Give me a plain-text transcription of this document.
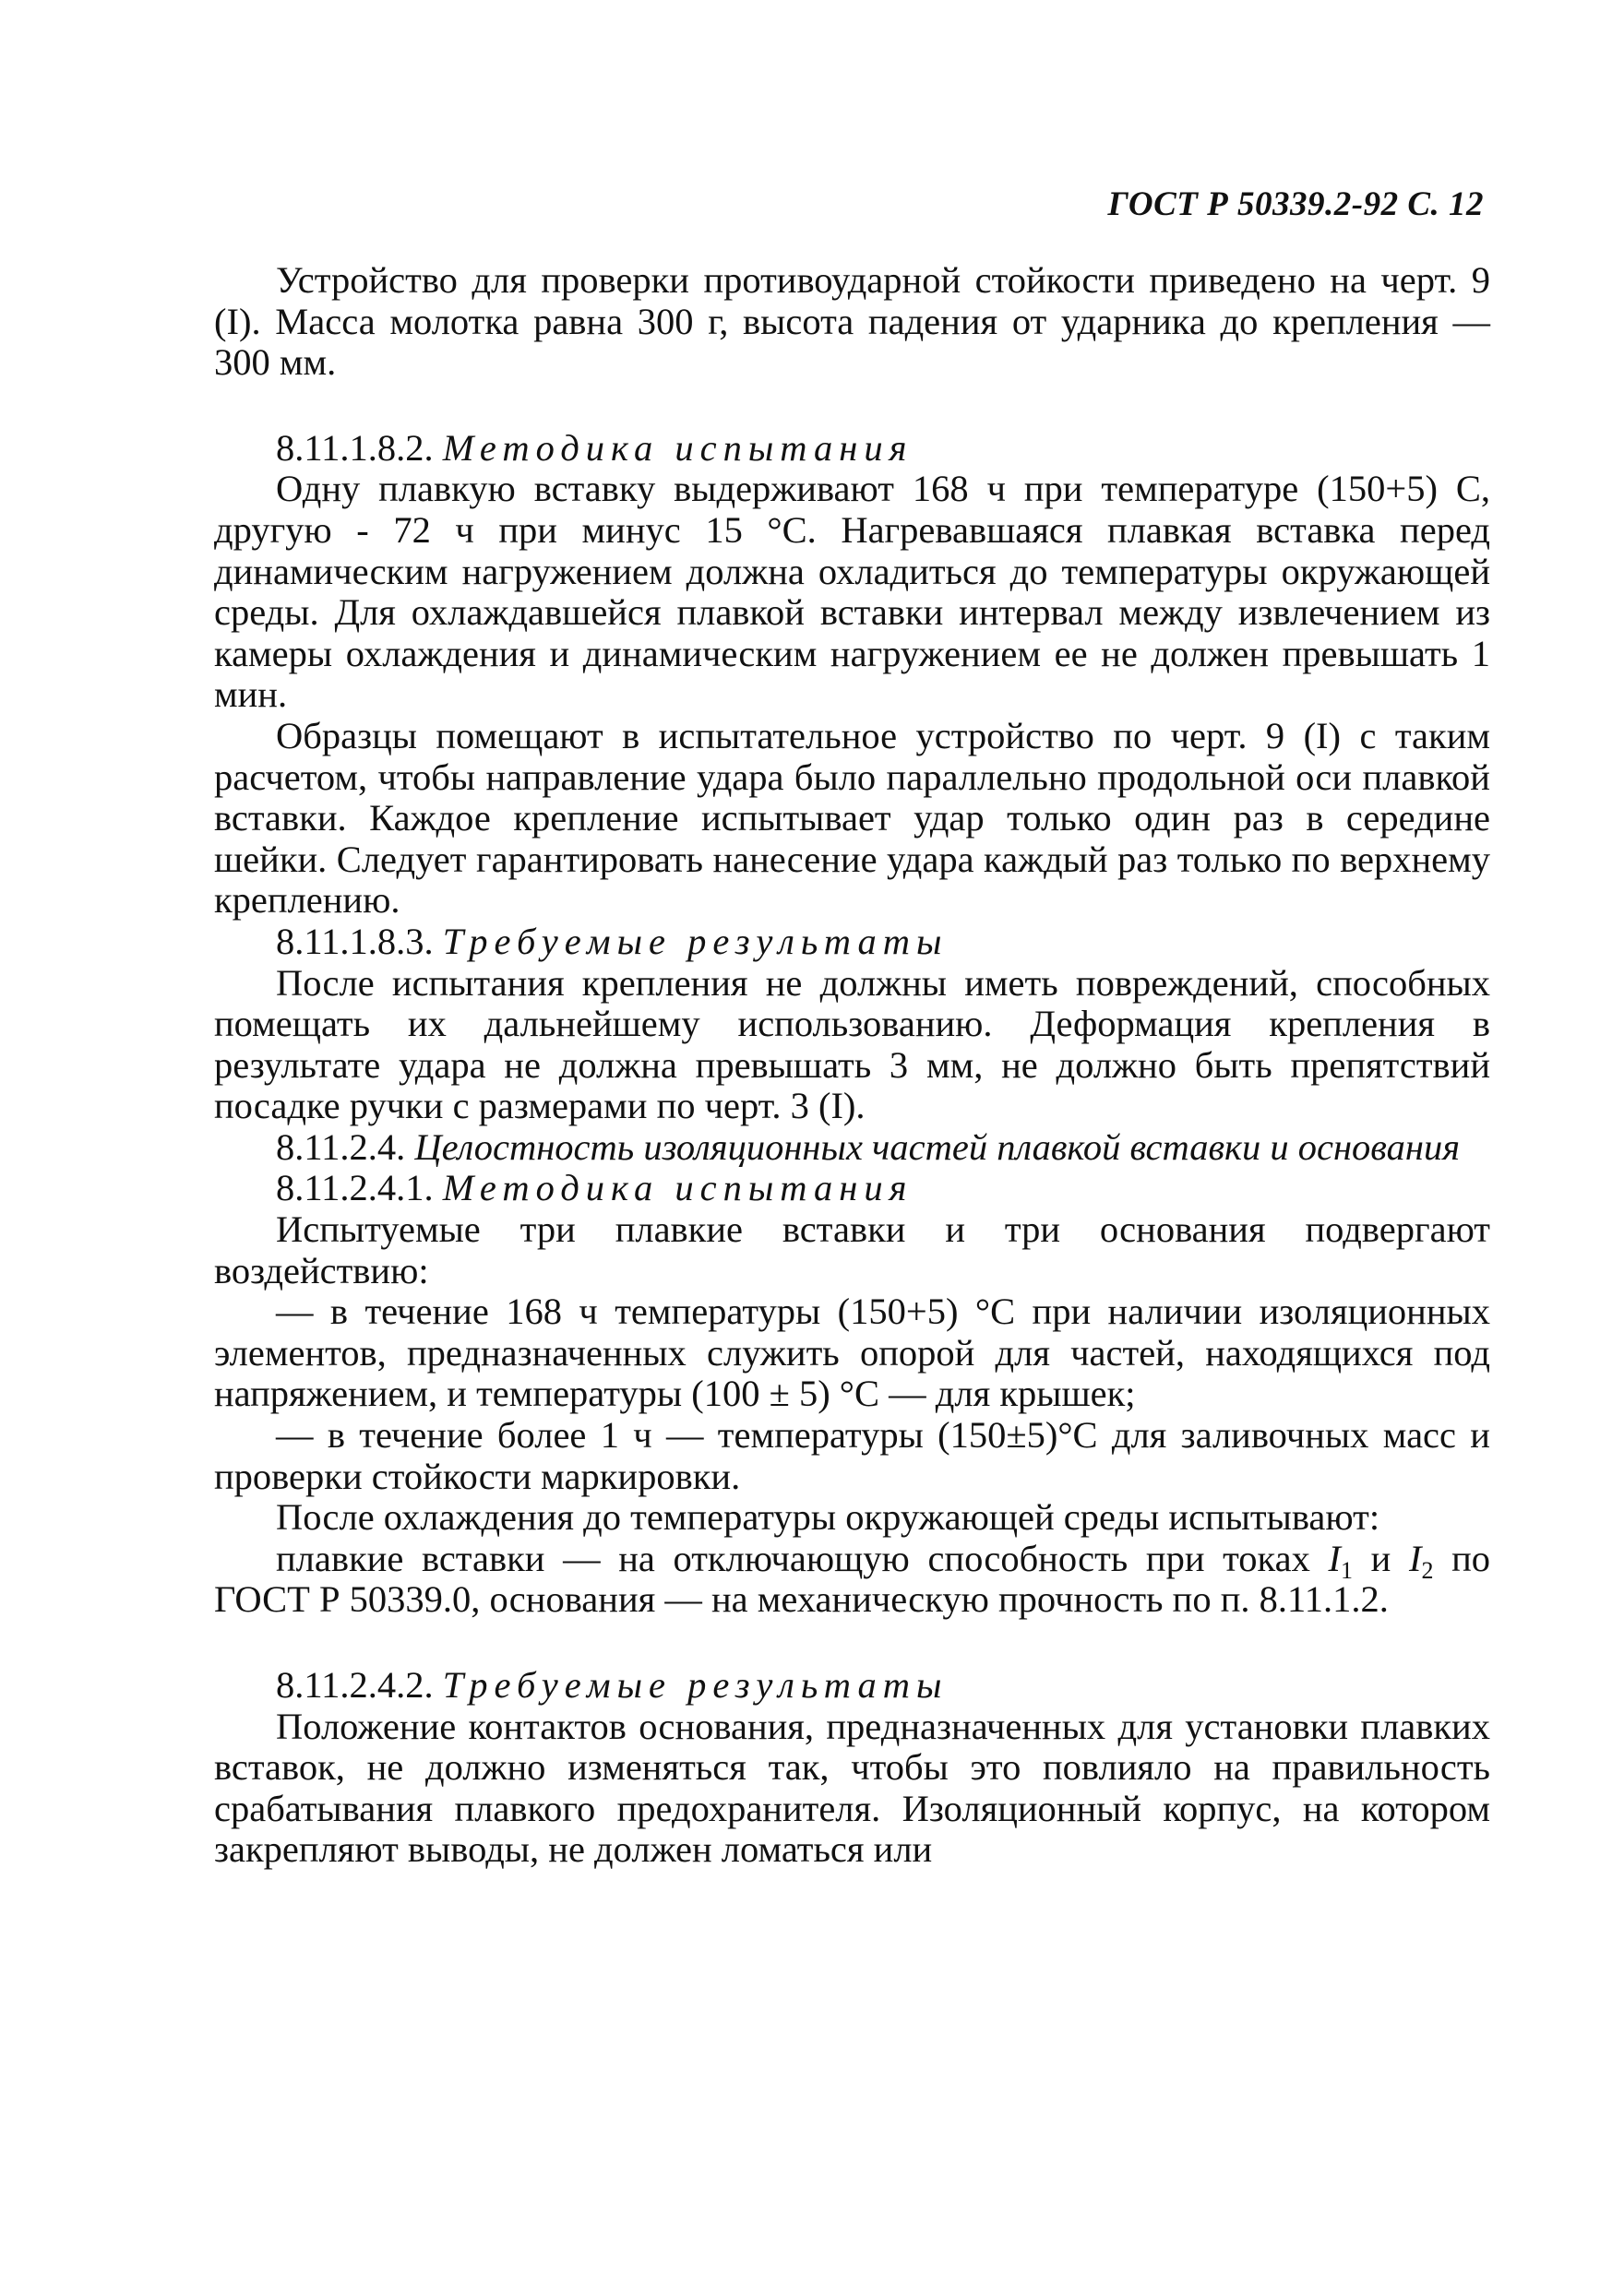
ГОСТ Р 50339.2-92 С. 12

Устройство для проверки противоударной стойкости приведено на черт. 9 (I). Масса молотка равна 300 г, высота падения от ударника до крепления — 300 мм.

8.11.1.8.2. Методика испытания

Одну плавкую вставку выдерживают 168 ч при температуре (150+5) C, другую - 72 ч при минус 15 °С. Нагревавшаяся плавкая вставка перед динамическим нагружением должна охладиться до температуры окружающей среды. Для охлаждавшейся плавкой вставки интервал между извлечением из камеры охлаждения и динамическим нагружением ее не должен превышать 1 мин.

Образцы помещают в испытательное устройство по черт. 9 (I) с таким расчетом, чтобы направление удара было параллельно продольной оси плавкой вставки. Каждое крепление испытывает удар только один раз в середине шейки. Следует гарантировать нанесение удара каждый раз только по верхнему креплению.

8.11.1.8.3. Требуемые результаты

После испытания крепления не должны иметь повреждений, способных помещать их дальнейшему использованию. Деформация крепления в результате удара не должна превышать 3 мм, не должно быть препятствий посадке ручки с размерами по черт. 3 (I).

8.11.2.4. Целостность изоляционных частей плавкой вставки и основания

8.11.2.4.1. Методика испытания

Испытуемые три плавкие вставки и три основания подвергают воздействию:

— в течение 168 ч температуры (150+5) °С при наличии изоляционных элементов, предназначенных служить опорой для частей, находящихся под напряжением, и температуры (100 ± 5) °С — для крышек;

— в течение более 1 ч — температуры (150±5)°С для заливочных масс и проверки стойкости маркировки.

После охлаждения до температуры окружающей среды испытывают:

плавкие вставки — на отключающую способность при токах $I_1$ и $I_2$ по ГОСТ Р 50339.0, основания — на механическую прочность по п. 8.11.1.2.

8.11.2.4.2. Требуемые результаты

Положение контактов основания, предназначенных для установки плавких вставок, не должно изменяться так, чтобы это повлияло на правильность срабатывания плавкого предохранителя. Изоляционный корпус, на котором закрепляют выводы, не должен ломаться или
